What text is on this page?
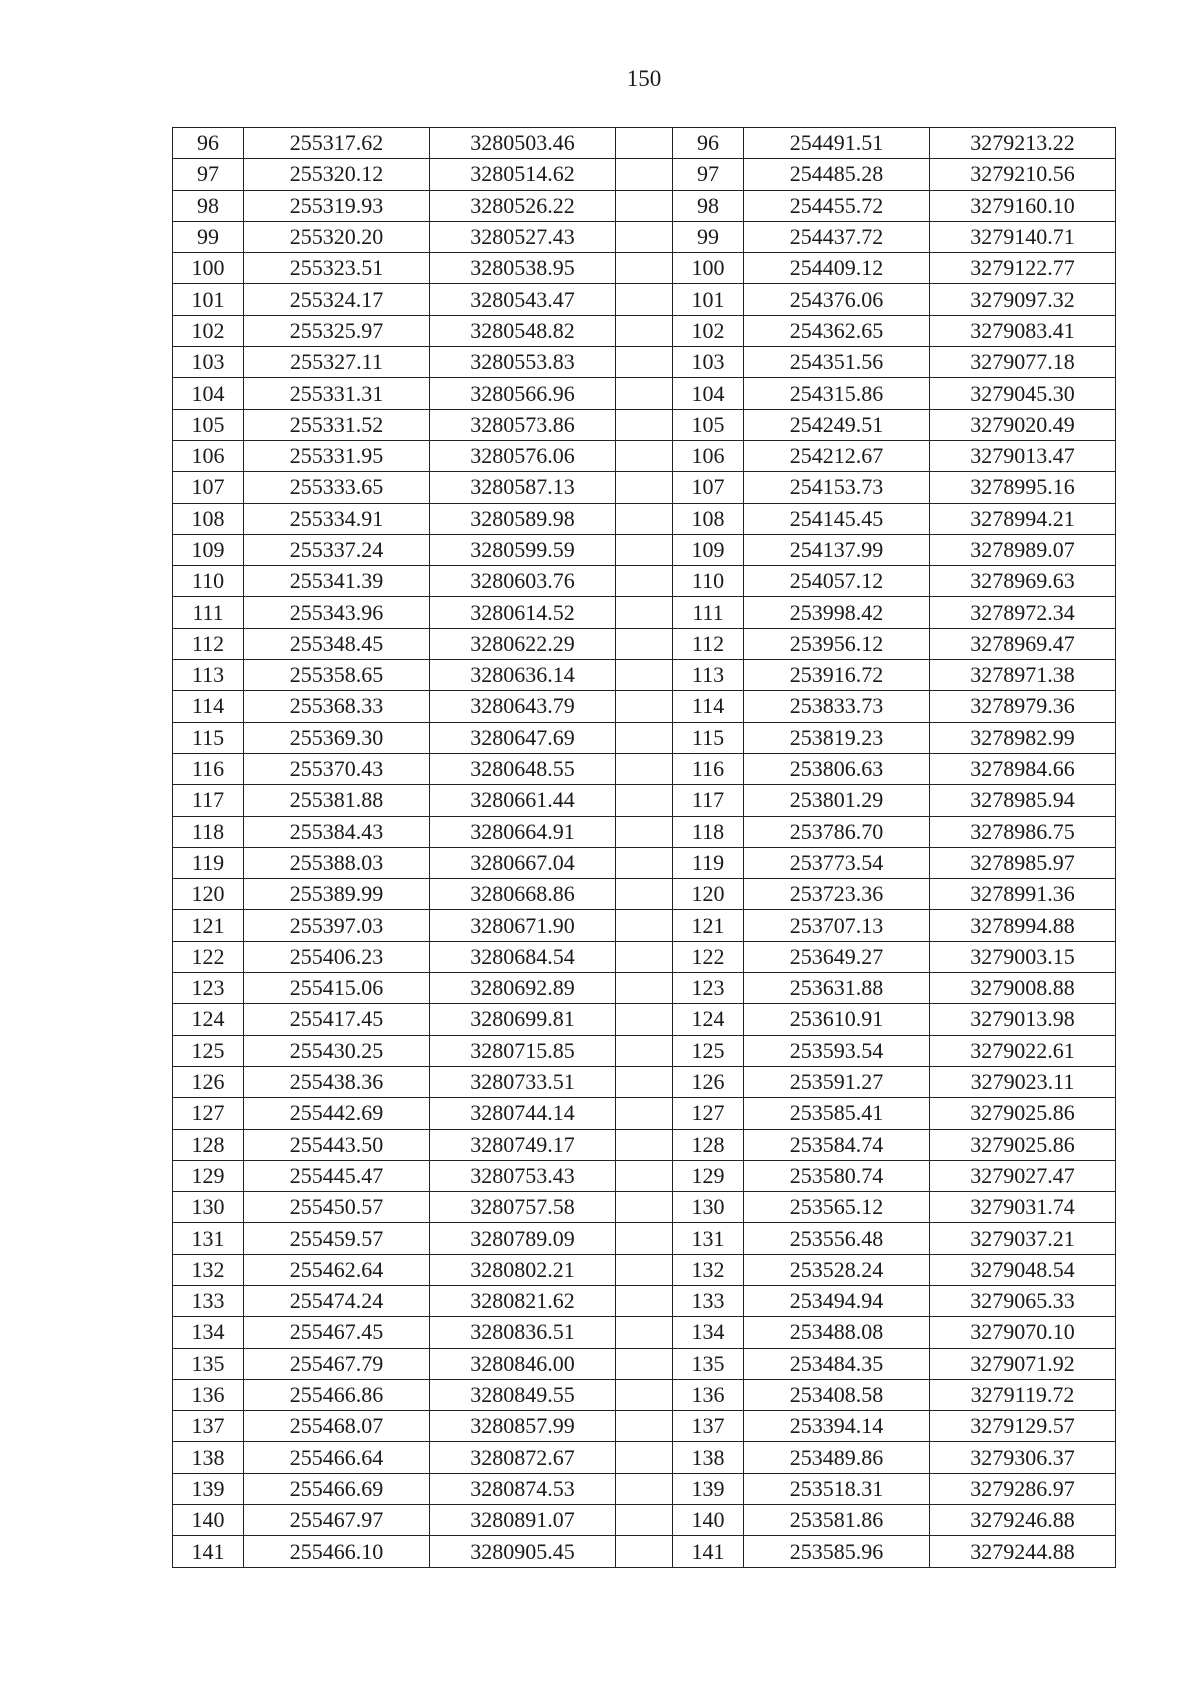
150
96	255317.62	3280503.46		96	254491.51	3279213.22
97	255320.12	3280514.62		97	254485.28	3279210.56
98	255319.93	3280526.22		98	254455.72	3279160.10
99	255320.20	3280527.43		99	254437.72	3279140.71
100	255323.51	3280538.95		100	254409.12	3279122.77
101	255324.17	3280543.47		101	254376.06	3279097.32
102	255325.97	3280548.82		102	254362.65	3279083.41
103	255327.11	3280553.83		103	254351.56	3279077.18
104	255331.31	3280566.96		104	254315.86	3279045.30
105	255331.52	3280573.86		105	254249.51	3279020.49
106	255331.95	3280576.06		106	254212.67	3279013.47
107	255333.65	3280587.13		107	254153.73	3278995.16
108	255334.91	3280589.98		108	254145.45	3278994.21
109	255337.24	3280599.59		109	254137.99	3278989.07
110	255341.39	3280603.76		110	254057.12	3278969.63
111	255343.96	3280614.52		111	253998.42	3278972.34
112	255348.45	3280622.29		112	253956.12	3278969.47
113	255358.65	3280636.14		113	253916.72	3278971.38
114	255368.33	3280643.79		114	253833.73	3278979.36
115	255369.30	3280647.69		115	253819.23	3278982.99
116	255370.43	3280648.55		116	253806.63	3278984.66
117	255381.88	3280661.44		117	253801.29	3278985.94
118	255384.43	3280664.91		118	253786.70	3278986.75
119	255388.03	3280667.04		119	253773.54	3278985.97
120	255389.99	3280668.86		120	253723.36	3278991.36
121	255397.03	3280671.90		121	253707.13	3278994.88
122	255406.23	3280684.54		122	253649.27	3279003.15
123	255415.06	3280692.89		123	253631.88	3279008.88
124	255417.45	3280699.81		124	253610.91	3279013.98
125	255430.25	3280715.85		125	253593.54	3279022.61
126	255438.36	3280733.51		126	253591.27	3279023.11
127	255442.69	3280744.14		127	253585.41	3279025.86
128	255443.50	3280749.17		128	253584.74	3279025.86
129	255445.47	3280753.43		129	253580.74	3279027.47
130	255450.57	3280757.58		130	253565.12	3279031.74
131	255459.57	3280789.09		131	253556.48	3279037.21
132	255462.64	3280802.21		132	253528.24	3279048.54
133	255474.24	3280821.62		133	253494.94	3279065.33
134	255467.45	3280836.51		134	253488.08	3279070.10
135	255467.79	3280846.00		135	253484.35	3279071.92
136	255466.86	3280849.55		136	253408.58	3279119.72
137	255468.07	3280857.99		137	253394.14	3279129.57
138	255466.64	3280872.67		138	253489.86	3279306.37
139	255466.69	3280874.53		139	253518.31	3279286.97
140	255467.97	3280891.07		140	253581.86	3279246.88
141	255466.10	3280905.45		141	253585.96	3279244.88
